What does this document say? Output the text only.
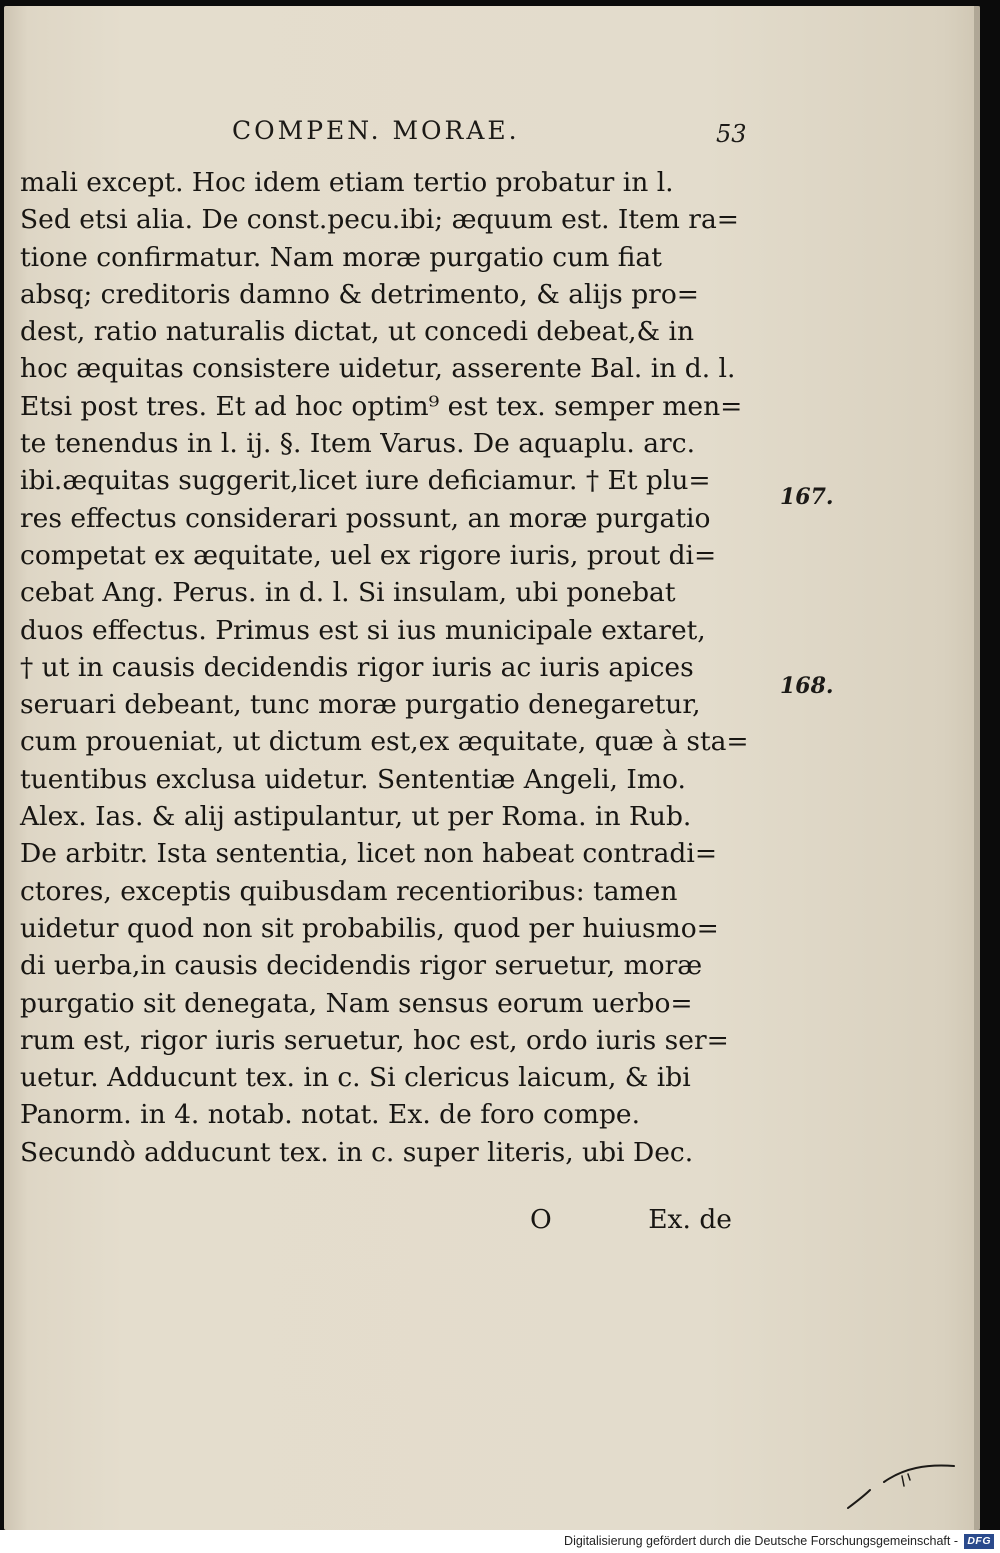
COMPEN. MORAE.	53
mali except. Hoc idem etiam tertio probatur in l.
Sed etsi alia. De const.pecu.ibi; æquum est. Item ra=
tione confirmatur. Nam moræ purgatio cum fiat
absq; creditoris damno & detrimento, & alijs pro=
dest, ratio naturalis dictat, ut concedi debeat,& in
hoc æquitas consistere uidetur, asserente Bal. in d. l.
Etsi post tres. Et ad hoc optim⁹ est tex. semper men=
te tenendus in l. ij. §. Item Varus. De aquaplu. arc.
ibi.æquitas suggerit,licet iure deficiamur. † Et plu=
res effectus considerari possunt, an moræ purgatio
competat ex æquitate, uel ex rigore iuris, prout di=
cebat Ang. Perus. in d. l. Si insulam, ubi ponebat
duos effectus. Primus est si ius municipale extaret,
† ut in causis decidendis rigor iuris ac iuris apices
seruari debeant, tunc moræ purgatio denegaretur,
cum proueniat, ut dictum est,ex æquitate, quæ à sta=
tuentibus exclusa uidetur. Sententiæ Angeli, Imo.
Alex. Ias. & alij astipulantur, ut per Roma. in Rub.
De arbitr. Ista sententia, licet non habeat contradi=
ctores, exceptis quibusdam recentioribus: tamen
uidetur quod non sit probabilis, quod per huiusmo=
di uerba,in causis decidendis rigor seruetur, moræ
purgatio sit denegata, Nam sensus eorum uerbo=
rum est, rigor iuris seruetur, hoc est, ordo iuris ser=
uetur. Adducunt tex. in c. Si clericus laicum, & ibi
Panorm. in 4. notab. notat. Ex. de foro compe.
Secundò adducunt tex. in c. super literis, ubi Dec.
O	Ex. de
167.
168.
Digitalisierung gefördert durch die Deutsche Forschungsgemeinschaft - DFG
